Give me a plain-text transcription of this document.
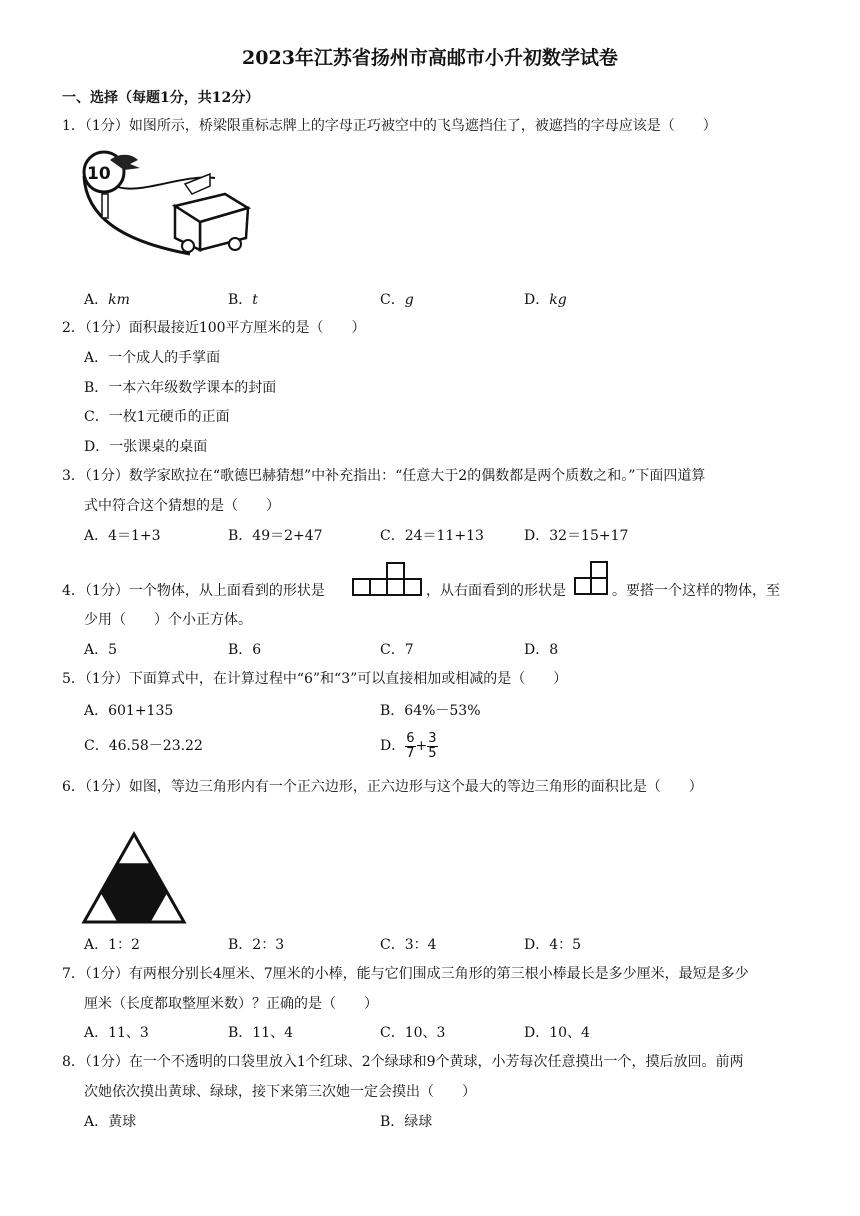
2023年江苏省扬州市高邮市小升初数学试卷
一、选择（每题1分，共12分）
1．（1分）如图所示，桥梁限重标志牌上的字母正巧被空中的飞鸟遮挡住了，被遮挡的字母应该是（　　）
10
A．km	B．t	C．g	D．kg
2．（1分）面积最接近100平方厘米的是（　　）
A．一个成人的手掌面
B．一本六年级数学课本的封面
C．一枚1元硬币的正面
D．一张课桌的桌面
3．（1分）数学家欧拉在“歌德巴赫猜想”中补充指出：“任意大于2的偶数都是两个质数之和。”下面四道算
式中符合这个猜想的是（　　）
A．4＝1+3	B．49＝2+47	C．24＝11+13	D．32＝15+17
4．（1分）一个物体，从上面看到的形状是	，从右面看到的形状是	。要搭一个这样的物体，至
少用（　　）个小正方体。
A．5	B．6	C．7	D．8
5．（1分）下面算式中，在计算过程中“6”和“3”可以直接相加或相减的是（　　）
A．601+135	B．64%－53%
C．46.58－23.22	D． $\frac{6}{7} + \frac{3}{5}$
6．（1分）如图，等边三角形内有一个正六边形，正六边形与这个最大的等边三角形的面积比是（　　）
A．1：2	B．2：3	C．3：4	D．4：5
7．（1分）有两根分别长4厘米、7厘米的小棒，能与它们围成三角形的第三根小棒最长是多少厘米，最短是多少
厘米（长度都取整厘米数）？正确的是（　　）
A．11、3	B．11、4	C．10、3	D．10、4
8．（1分）在一个不透明的口袋里放入1个红球、2个绿球和9个黄球，小芳每次任意摸出一个，摸后放回。前两
次她依次摸出黄球、绿球，接下来第三次她一定会摸出（　　）
A．黄球	B．绿球
